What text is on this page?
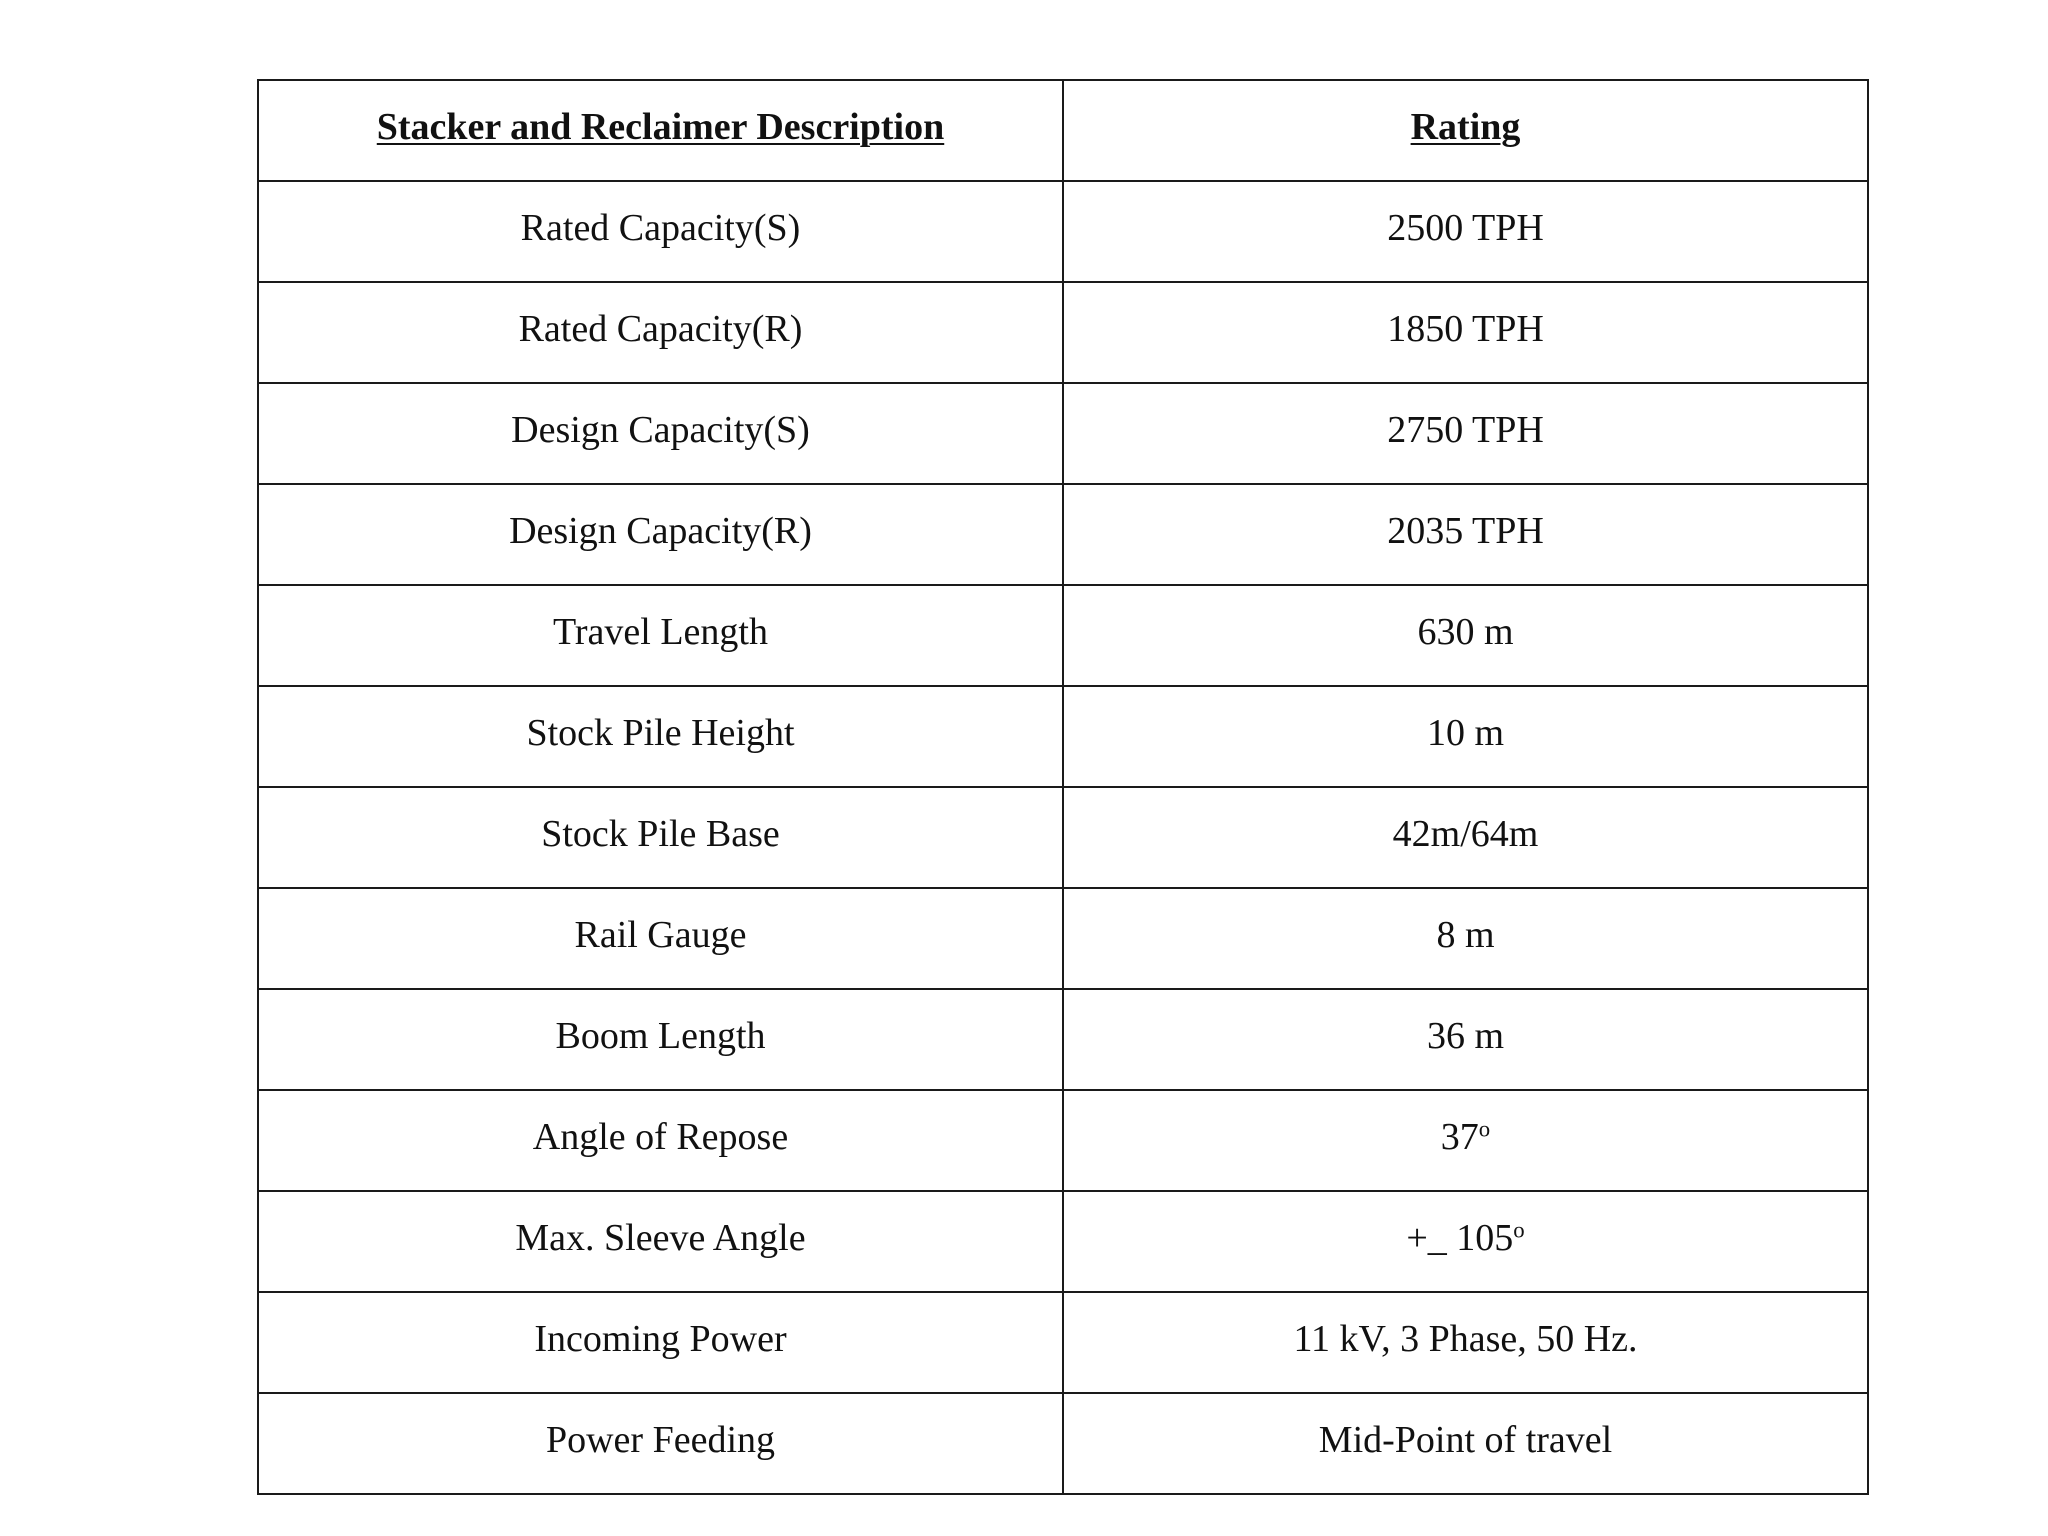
Stacker and Reclaimer Description	Rating

Rated Capacity(S)	2500 TPH

Rated Capacity(R)	1850 TPH

Design Capacity(S)	2750 TPH

Design Capacity(R)	2035 TPH

Travel Length	630 m

Stock Pile Height	10 m

Stock Pile Base	42m/64m

Rail Gauge	8 m

Boom Length	36 m

Angle of Repose	37$^o$

Max. Sleeve Angle	+_ 105$^o$

Incoming Power	11 kV, 3 Phase, 50 Hz.

Power Feeding	Mid-Point of travel
